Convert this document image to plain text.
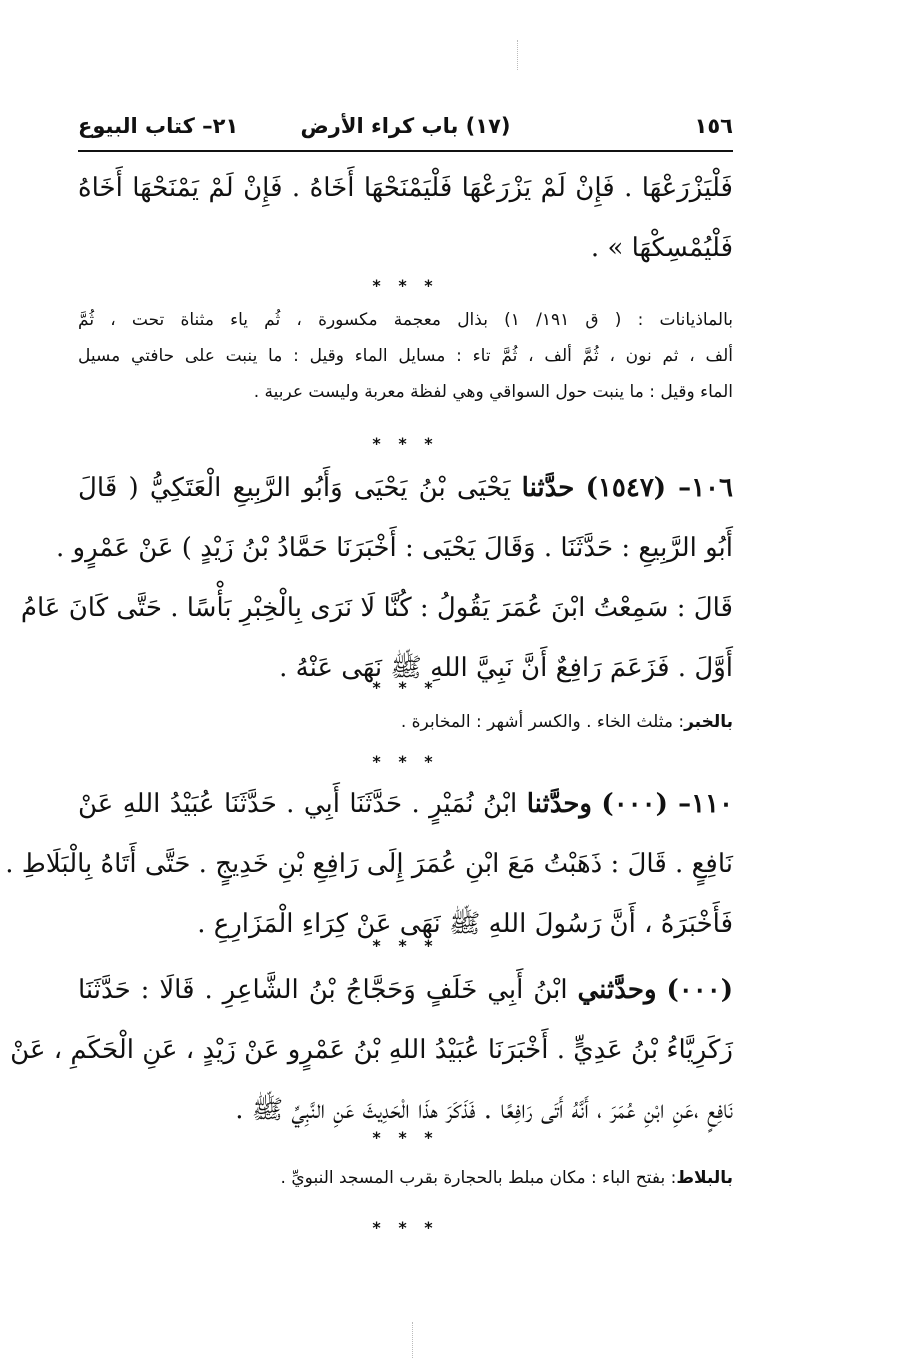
١٥٦
(١٧) باب كراء الأرض
٢١– كتاب البيوع
فَلْيَزْرَعْهَا . فَإِنْ لَمْ يَزْرَعْهَا فَلْيَمْنَحْهَا أَخَاهُ . فَإِنْ لَمْ يَمْنَحْهَا أَخَاهُ
فَلْيُمْسِكْهَا » .
* * *
بالماذيانات : ( ق ١٩١/ ١) بذال معجمة مكسورة ، ثُم ياء مثناة تحت ، ثُمَّ
ألف ، ثم نون ، ثُمَّ ألف ، ثُمَّ تاء : مسايل الماء وقيل : ما ينبت على حافتي مسيل
الماء وقيل : ما ينبت حول السواقي وهي لفظة معربة وليست عربية .
* * *
١٠٦– (١٥٤٧) حدَّثنا يَحْيَى بْنُ يَحْيَى وَأَبُو الرَّبِيعِ الْعَتَكِيُّ ( قَالَ
أَبُو الرَّبِيعِ : حَدَّثَنَا . وَقَالَ يَحْيَى : أَخْبَرَنَا حَمَّادُ بْنُ زَيْدٍ ) عَنْ عَمْرٍو .
قَالَ : سَمِعْتُ ابْنَ عُمَرَ يَقُولُ : كُنَّا لَا نَرَى بِالْخِبْرِ بَأْسًا . حَتَّى كَانَ عَامُ
أَوَّلَ . فَزَعَمَ رَافِعٌ أَنَّ نَبِيَّ اللهِ ﷺ نَهَى عَنْهُ .
* * *
بالخبر: مثلث الخاء . والكسر أشهر : المخابرة .
* * *
١١٠– (٠٠٠) وحدَّثنا ابْنُ نُمَيْرٍ . حَدَّثَنَا أَبِي . حَدَّثَنَا عُبَيْدُ اللهِ عَنْ
نَافِعٍ . قَالَ : ذَهَبْتُ مَعَ ابْنِ عُمَرَ إِلَى رَافِعِ بْنِ خَدِيجٍ . حَتَّى أَتَاهُ بِالْبَلَاطِ .
فَأَخْبَرَهُ ، أَنَّ رَسُولَ اللهِ ﷺ نَهَى عَنْ كِرَاءِ الْمَزَارِعِ .
* * *
(٠٠٠) وحدَّثني ابْنُ أَبِي خَلَفٍ وَحَجَّاجُ بْنُ الشَّاعِرِ . قَالَا : حَدَّثَنَا
زَكَرِيَّاءُ بْنُ عَدِيٍّ . أَخْبَرَنَا عُبَيْدُ اللهِ بْنُ عَمْرٍو عَنْ زَيْدٍ ، عَنِ الْحَكَمِ ، عَنْ
نَافِعٍ ،عَنِ ابْنِ عُمَرَ ، أَنَّهُ أَتَى رَافِعًا . فَذَكَرَ هذَا الْحَدِيثَ عَنِ النَّبِيِّ ﷺ .
* * *
بالبلاط: بفتح الباء : مكان مبلط بالحجارة بقرب المسجد النبويِّ .
* * *
